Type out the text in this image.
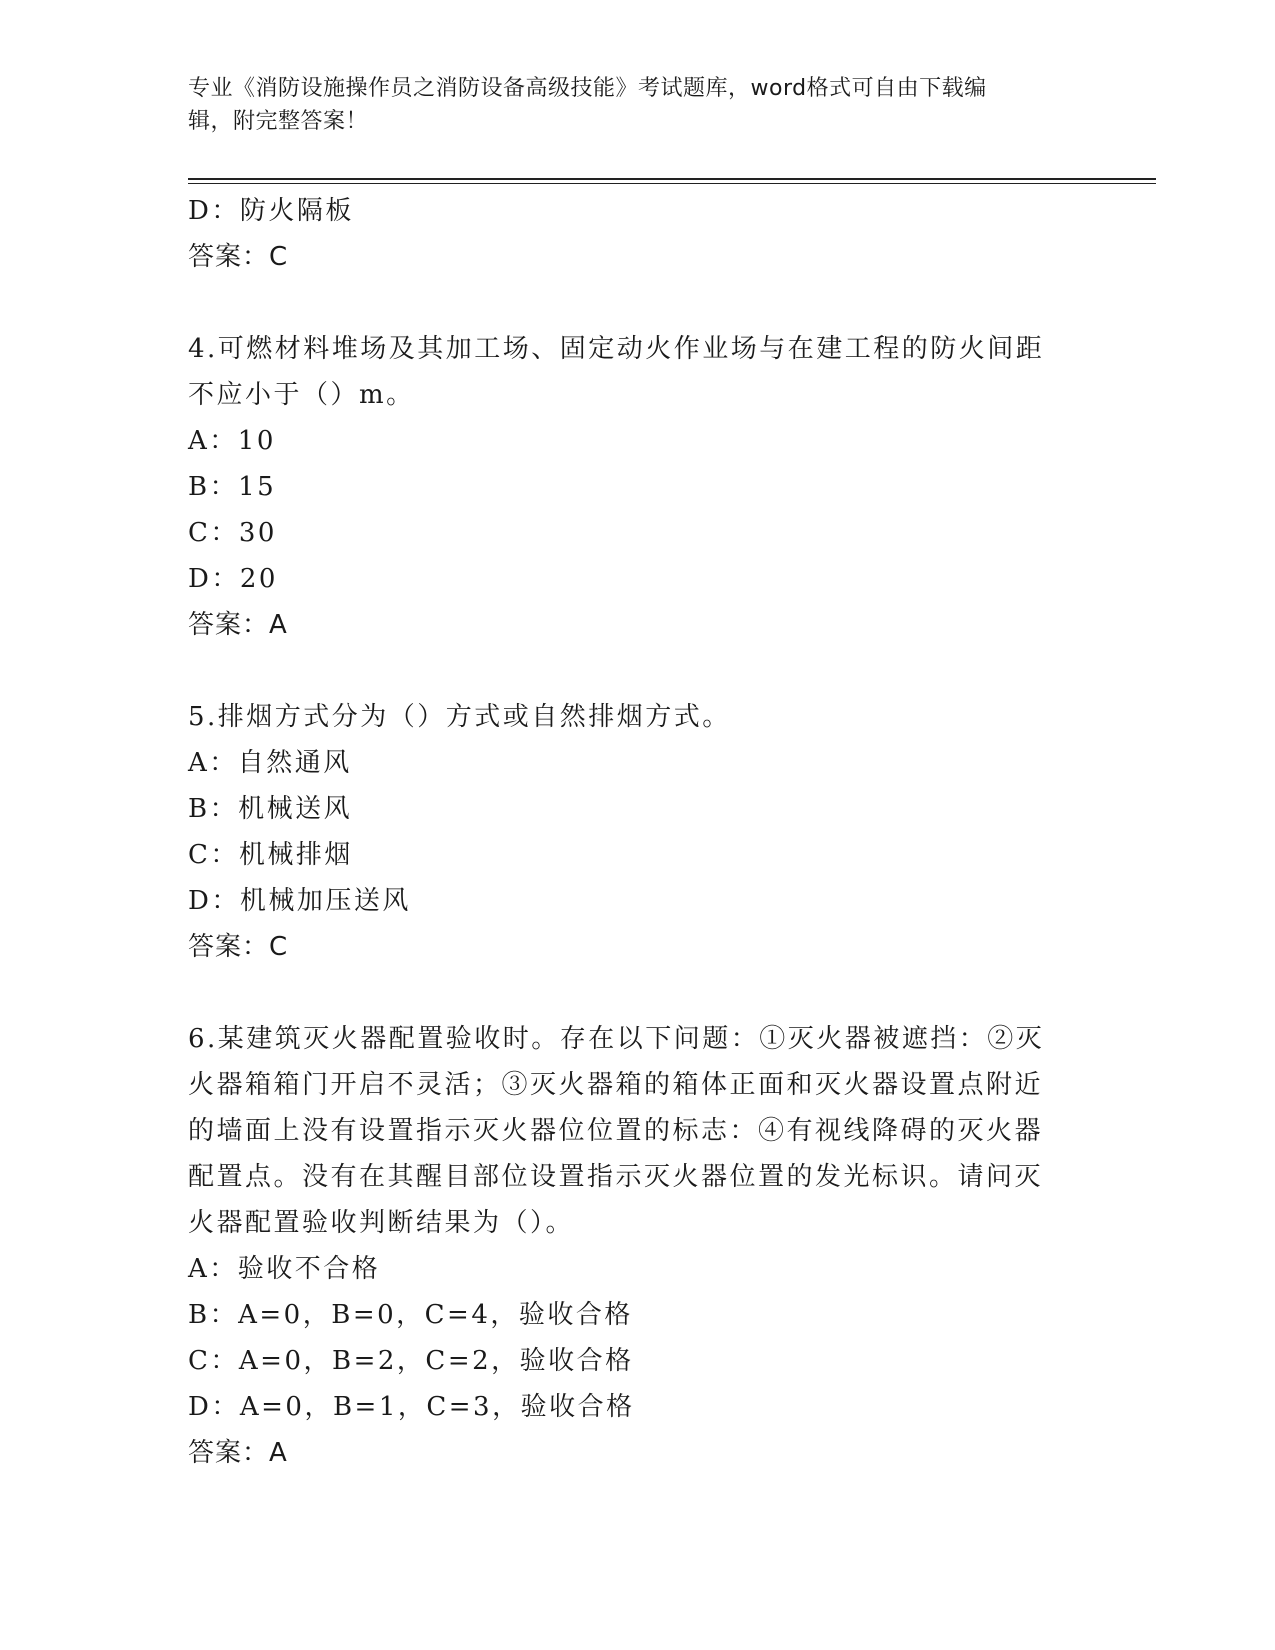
专业《消防设施操作员之消防设备高级技能》考试题库，word格式可自由下载编
辑，附完整答案！
D：防火隔板
答案：C
4.可燃材料堆场及其加工场、固定动火作业场与在建工程的防火间距
不应小于（）m。
A：10
B：15
C：30
D：20
答案：A
5.排烟方式分为（）方式或自然排烟方式。
A：自然通风
B：机械送风
C：机械排烟
D：机械加压送风
答案：C
6.某建筑灭火器配置验收时。存在以下问题：①灭火器被遮挡：②灭
火器箱箱门开启不灵活；③灭火器箱的箱体正面和灭火器设置点附近
的墙面上没有设置指示灭火器位位置的标志：④有视线降碍的灭火器
配置点。没有在其醒目部位设置指示灭火器位置的发光标识。请问灭
火器配置验收判断结果为（）。
A：验收不合格
B：A=0，B=0，C=4，验收合格
C：A=0，B=2，C=2，验收合格
D：A=0，B=1，C=3，验收合格
答案：A
